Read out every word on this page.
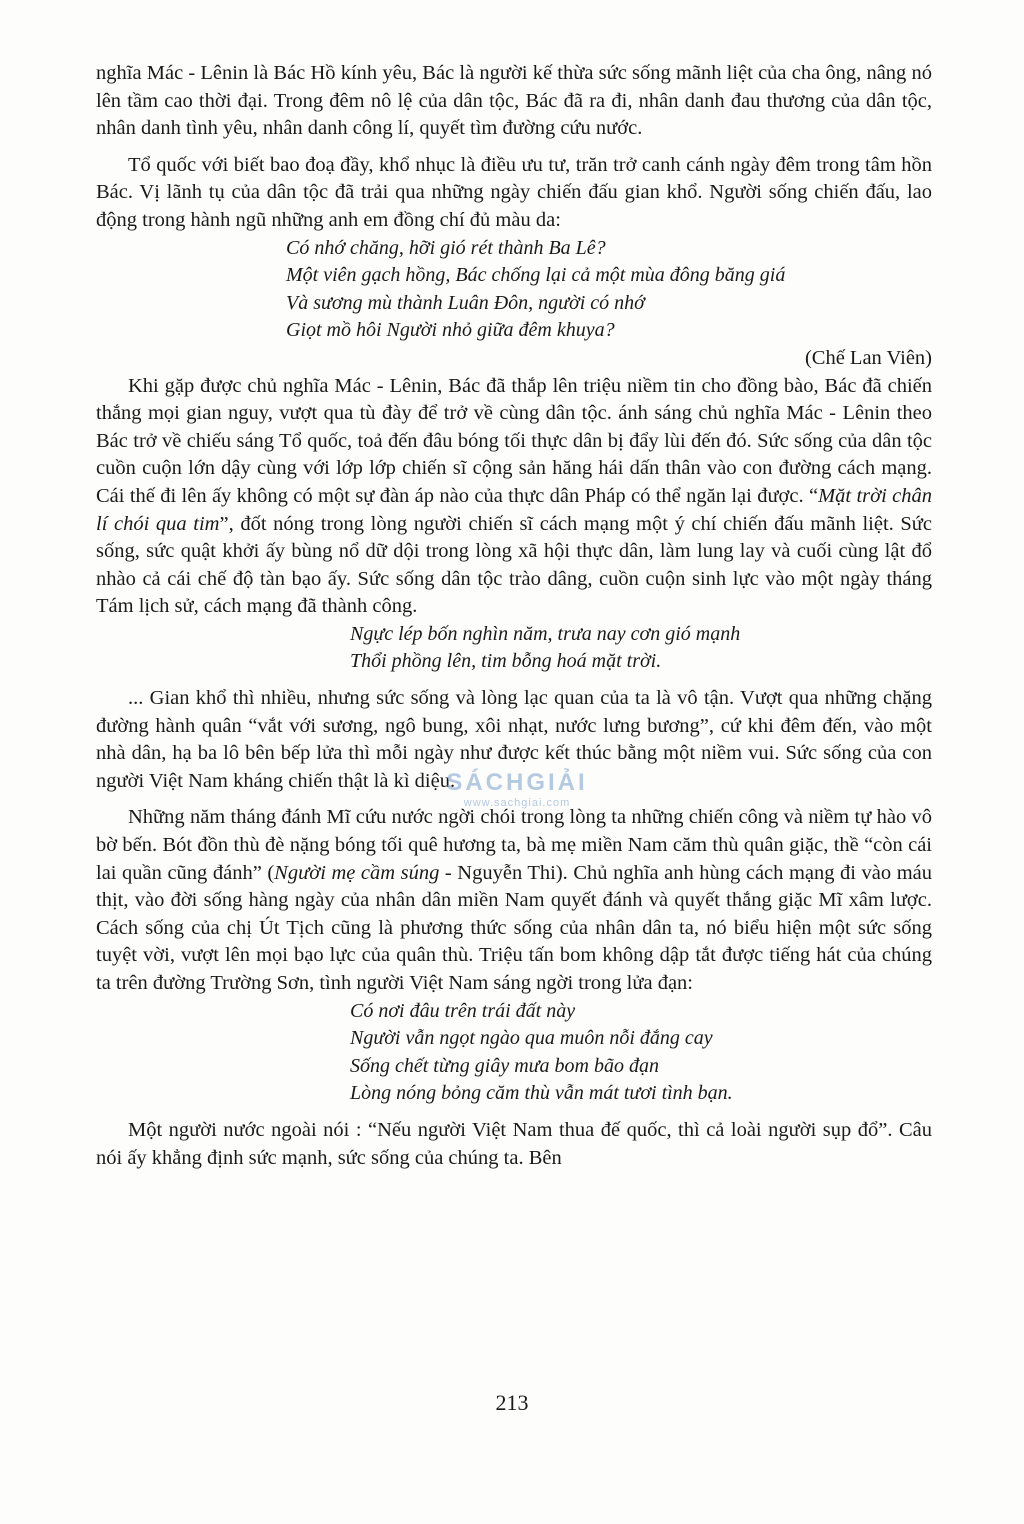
nghĩa Mác - Lênin là Bác Hồ kính yêu, Bác là người kế thừa sức sống mãnh liệt của cha ông, nâng nó lên tầm cao thời đại. Trong đêm nô lệ của dân tộc, Bác đã ra đi, nhân danh đau thương của dân tộc, nhân danh tình yêu, nhân danh công lí, quyết tìm đường cứu nước.

Tổ quốc với biết bao đoạ đầy, khổ nhục là điều ưu tư, trăn trở canh cánh ngày đêm trong tâm hồn Bác. Vị lãnh tụ của dân tộc đã trải qua những ngày chiến đấu gian khổ. Người sống chiến đấu, lao động trong hành ngũ những anh em đồng chí đủ màu da:

Có nhớ chăng, hỡi gió rét thành Ba Lê?
Một viên gạch hồng, Bác chống lại cả một mùa đông băng giá
Và sương mù thành Luân Đôn, người có nhớ
Giọt mồ hôi Người nhỏ giữa đêm khuya?

(Chế Lan Viên)

Khi gặp được chủ nghĩa Mác - Lênin, Bác đã thắp lên triệu niềm tin cho đồng bào, Bác đã chiến thắng mọi gian nguy, vượt qua tù đày để trở về cùng dân tộc. ánh sáng chủ nghĩa Mác - Lênin theo Bác trở về chiếu sáng Tổ quốc, toả đến đâu bóng tối thực dân bị đẩy lùi đến đó. Sức sống của dân tộc cuồn cuộn lớn dậy cùng với lớp lớp chiến sĩ cộng sản hăng hái dấn thân vào con đường cách mạng. Cái thế đi lên ấy không có một sự đàn áp nào của thực dân Pháp có thể ngăn lại được. “Mặt trời chân lí chói qua tim”, đốt nóng trong lòng người chiến sĩ cách mạng một ý chí chiến đấu mãnh liệt. Sức sống, sức quật khởi ấy bùng nổ dữ dội trong lòng xã hội thực dân, làm lung lay và cuối cùng lật đổ nhào cả cái chế độ tàn bạo ấy. Sức sống dân tộc trào dâng, cuồn cuộn sinh lực vào một ngày tháng Tám lịch sử, cách mạng đã thành công.

Ngực lép bốn nghìn năm, trưa nay cơn gió mạnh
Thổi phồng lên, tim bỗng hoá mặt trời.

... Gian khổ thì nhiều, nhưng sức sống và lòng lạc quan của ta là vô tận. Vượt qua những chặng đường hành quân “vắt với sương, ngô bung, xôi nhạt, nước lưng bương”, cứ khi đêm đến, vào một nhà dân, hạ ba lô bên bếp lửa thì mỗi ngày như được kết thúc bằng một niềm vui. Sức sống của con người Việt Nam kháng chiến thật là kì diệu.

Những năm tháng đánh Mĩ cứu nước ngời chói trong lòng ta những chiến công và niềm tự hào vô bờ bến. Bót đồn thù đè nặng bóng tối quê hương ta, bà mẹ miền Nam căm thù quân giặc, thề “còn cái lai quần cũng đánh” (Người mẹ cầm súng - Nguyễn Thi). Chủ nghĩa anh hùng cách mạng đi vào máu thịt, vào đời sống hàng ngày của nhân dân miền Nam quyết đánh và quyết thắng giặc Mĩ xâm lược. Cách sống của chị Út Tịch cũng là phương thức sống của nhân dân ta, nó biểu hiện một sức sống tuyệt vời, vượt lên mọi bạo lực của quân thù. Triệu tấn bom không dập tắt được tiếng hát của chúng ta trên đường Trường Sơn, tình người Việt Nam sáng ngời trong lửa đạn:

Có nơi đâu trên trái đất này
Người vẫn ngọt ngào qua muôn nỗi đắng cay
Sống chết từng giây mưa bom bão đạn
Lòng nóng bỏng căm thù vẫn mát tươi tình bạn.

Một người nước ngoài nói : “Nếu người Việt Nam thua đế quốc, thì cả loài người sụp đổ”. Câu nói ấy khẳng định sức mạnh, sức sống của chúng ta. Bên

SÁCHGIẢI
www.sachgiai.com
213
